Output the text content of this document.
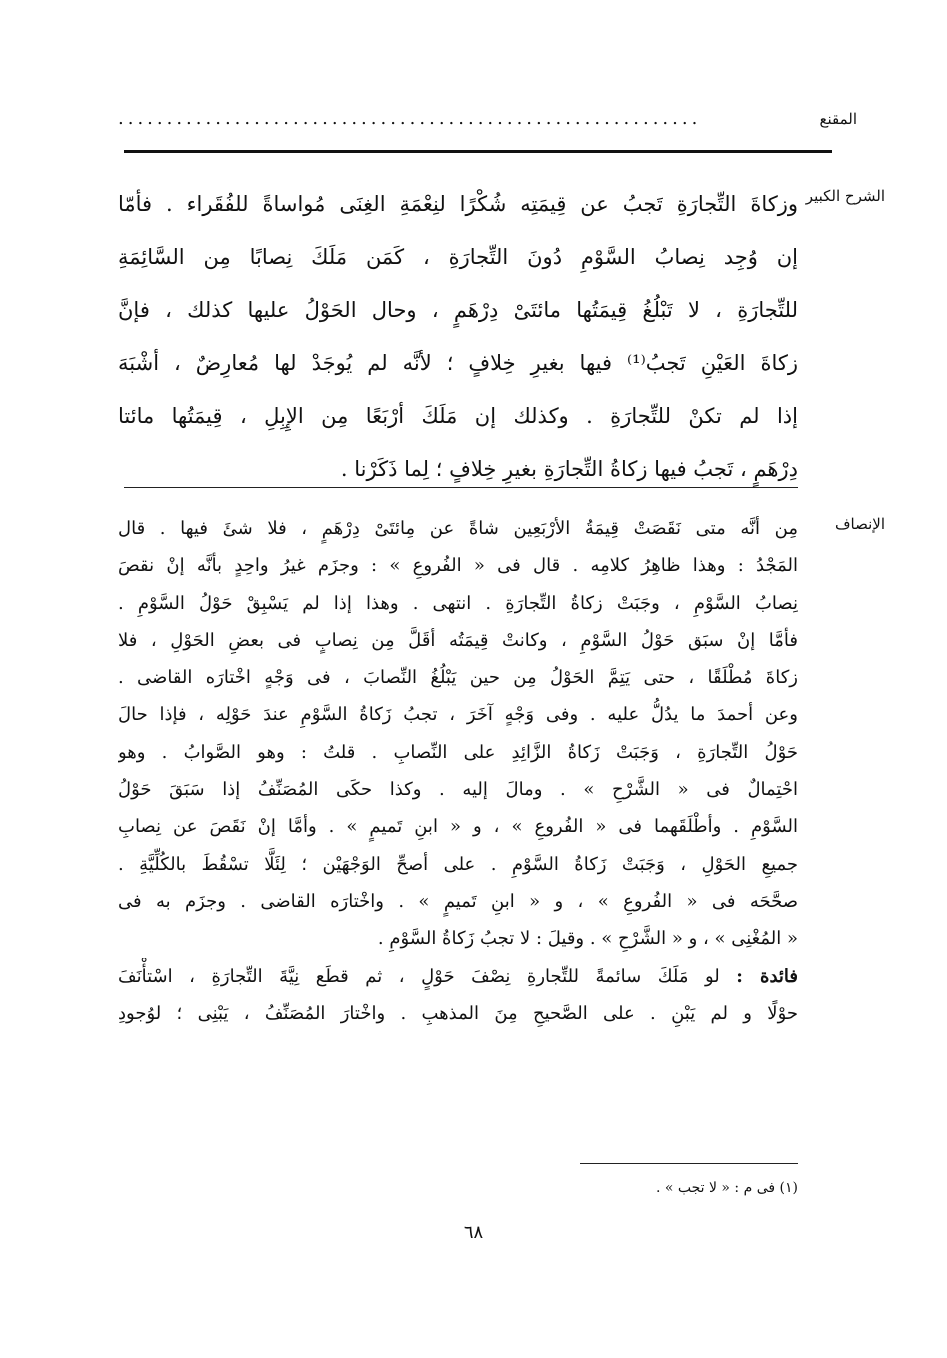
المقنع
............................................................
الشرح الكبير
الإنصاف
وزكاةَ التِّجارَةِ تَجبُ عن قِيمَتِه شُكْرًا لنِعْمَةِ الغِنَى مُواساةً للفُقَراء . فأمّا
إن وُجِد نِصابُ السَّوْمِ دُونَ التِّجارَةِ ، كَمَن مَلَكَ نِصابًا مِن السَّائِمَةِ
للتِّجارَةِ ، لا تَبْلُغُ قِيمَتُها مائتَىْ دِرْهَمٍ ، وحال الحَوْلُ عليها كذلك ، فإنَّ
زكاةَ العَيْنِ تَجبُ⁽¹⁾ فيها بغيرِ خِلافٍ ؛ لأنَّه لم يُوجَدْ لها مُعارِضٌ ، أشْبَهَ
إذا لم تكنْ للتِّجارَةِ . وكذلك إن مَلَكَ أرْبَعًا مِن الإِبِلِ ، قِيمَتُها مائتا
دِرْهَمٍ ، تَجبُ فيها زكاةُ التِّجارَةِ بغيرِ خِلافٍ ؛ لِما ذَكَرْنا .
مِن أنَّه متى نَقَصَتْ قِيمَةُ الأرْبَعِين شاةً عن مِائتَىْ دِرْهَمٍ ، فلا شئَ فيها . قال
المَجْدُ : وهذا ظاهِرُ كلامِه . قال فى « الفُروعِ » : وجزَم غيرُ واحِدٍ بأنَّه إنْ نقصَ
نِصابُ السَّوْمِ ، وجَبَتْ زكاةُ التِّجارَةِ . انتهى . وهذا إذا لم يَسْبِقْ حَوْلُ السَّوْمِ .
فأمَّا إنْ سبَق حَوْلُ السَّوْمِ ، وكانتْ قِيمَتُه أقَلَّ مِن نِصابٍ فى بعضِ الحَوْلِ ، فلا
زكاةَ مُطْلَقًا ، حتى يَتِمَّ الحَوْلُ مِن حين يَبْلُغُ النِّصابَ ، فى وَجْهٍ اخْتارَه القاضى .
وعن أحمدَ ما يدُلُّ عليه . وفى وَجْهٍ آخَرَ ، تجبُ زَكاةُ السَّوْمِ عندَ حَوْلِه ، فإذا حالَ
حَوْلُ التِّجارَةِ ، وَجَبَتْ زَكاةُ الزَّائِدِ على النِّصابِ . قلتُ : وهو الصَّوابُ . وهو
احْتِمالٌ فى « الشَّرْحِ » . ومالَ إليه . وكذا حكَى المُصَنِّفُ إذا سَبَقَ حَوْلُ
السَّوْمِ . وأطْلَقَهما فى « الفُروعِ » ، و « ابنِ تَميمٍ » . وأمَّا إنْ نَقَصَ عن نِصابِ
جميعِ الحَوْلِ ، وَجَبَتْ زَكاةُ السَّوْمِ . على أصحِّ الوَجْهَيْن ؛ لِئَلَّا تسْقُطَ بالكُلِّيَّةِ .
صحَّحَه فى « الفُروعِ » ، و « ابنِ تَميمٍ » . واخْتارَه القاضى . وجزَم به فى
« المُغْنِى » ، و « الشَّرْحِ » . وقيلَ : لا تجبُ زَكاةُ السَّوْمِ .
فائدة : لو مَلَكَ سائمةً للتِّجارةِ نِصْفَ حَوْلٍ ، ثم قطَع نِيَّةَ التِّجارَةِ ، اسْتأْنَفَ
حوْلًا و لم يَبْنِ . على الصَّحيحِ مِنَ المذهبِ . واخْتارَ المُصَنِّفُ ، يَبْنِى ؛ لوُجودِ
(١) فى م : « لا تجب » .
٦٨
